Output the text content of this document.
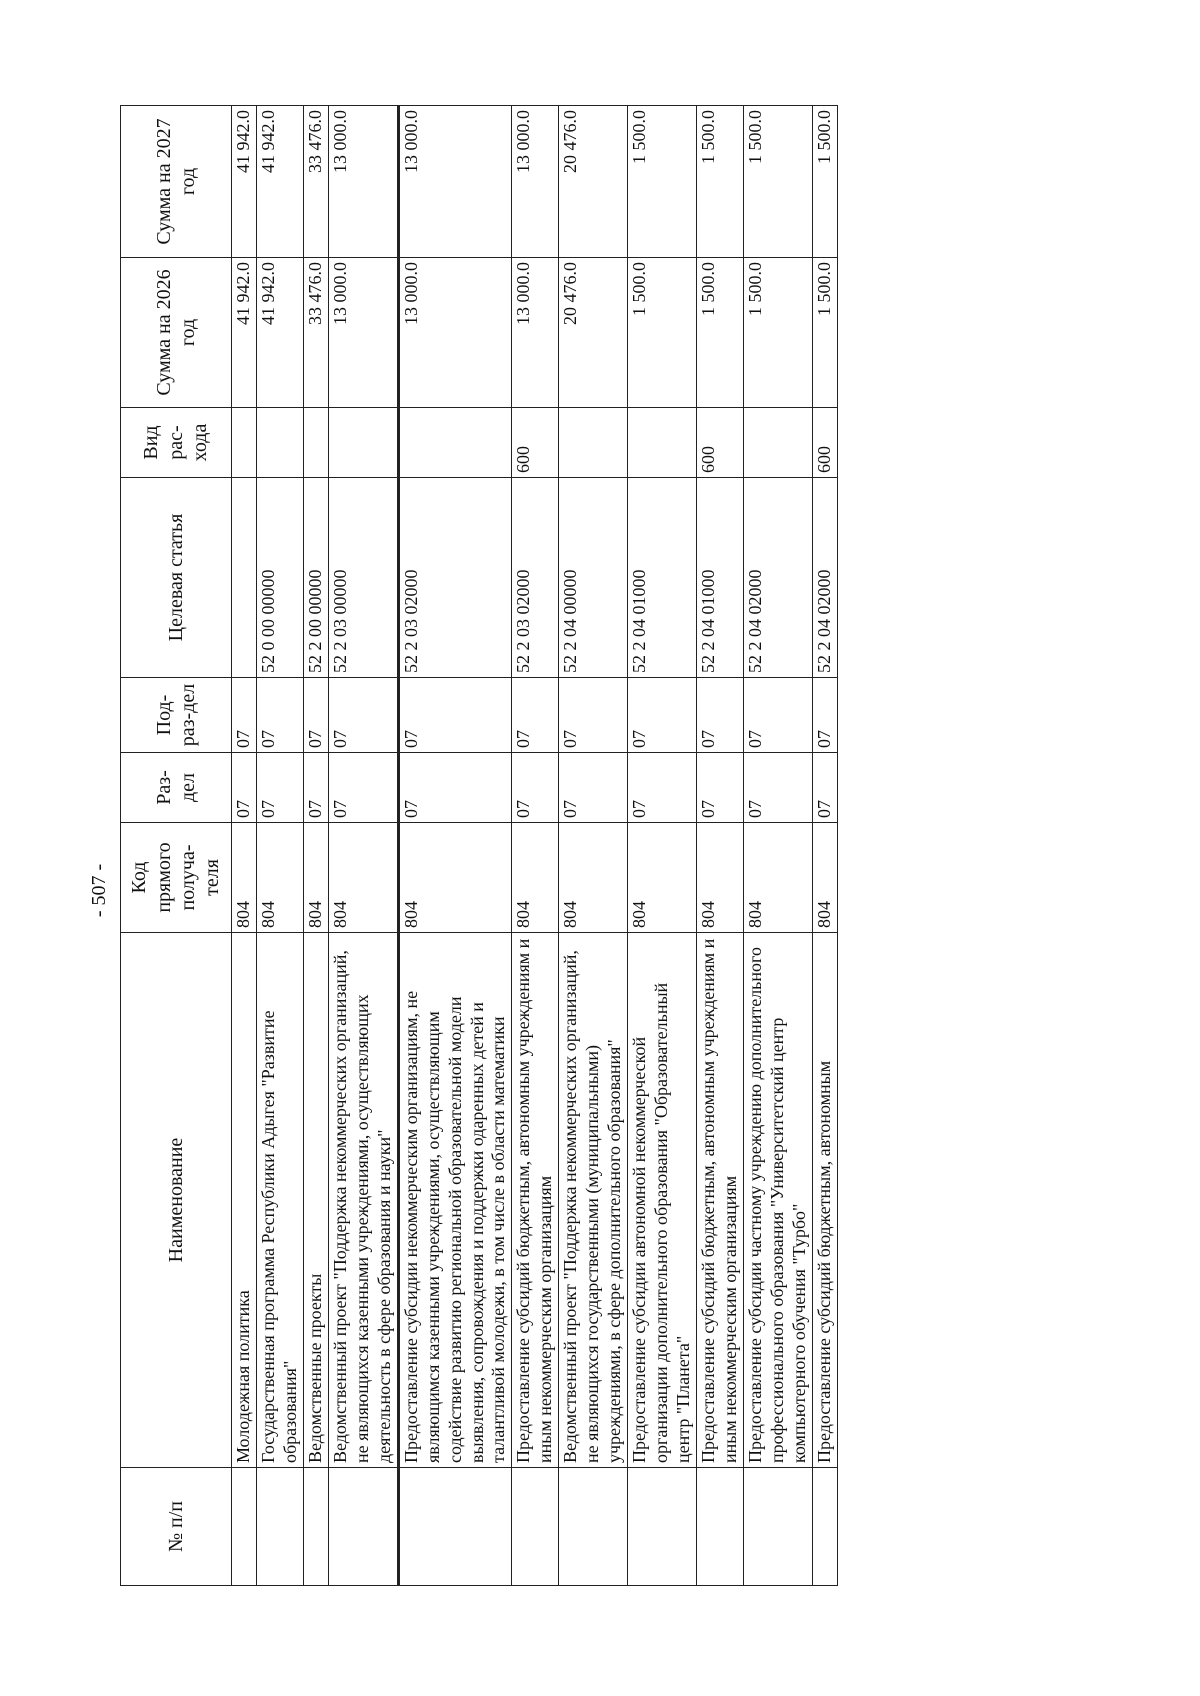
- 507 -
№ п/п	Наименование	Код прямого получа-теля	Раз-дел	Под-раз-дел	Целевая статья	Вид рас-хода	Сумма на 2026 год	Сумма на 2027 год
	Молодежная политика	804	07	07			41 942.0	41 942.0
	Государственная программа Республики Адыгея "Развитие образования"	804	07	07	52 0 00 00000		41 942.0	41 942.0
	Ведомственные проекты	804	07	07	52 2 00 00000		33 476.0	33 476.0
	Ведомственный проект "Поддержка некоммерческих организаций, не являющихся казенными учреждениями, осуществляющих деятельность в сфере образования и науки"	804	07	07	52 2 03 00000		13 000.0	13 000.0
	Предоставление субсидии некоммерческим организациям, не являющимся казенными учреждениями, осуществляющим содействие развитию региональной образовательной модели выявления, сопровождения и поддержки одаренных детей и талантливой молодежи, в том числе в области математики	804	07	07	52 2 03 02000		13 000.0	13 000.0
	Предоставление субсидий бюджетным, автономным учреждениям и иным некоммерческим организациям	804	07	07	52 2 03 02000	600	13 000.0	13 000.0
	Ведомственный проект "Поддержка некоммерческих организаций, не являющихся государственными (муниципальными) учреждениями, в сфере дополнительного образования"	804	07	07	52 2 04 00000		20 476.0	20 476.0
	Предоставление субсидии автономной некоммерческой организации дополнительного образования "Образовательный центр "Планета"	804	07	07	52 2 04 01000		1 500.0	1 500.0
	Предоставление субсидий бюджетным, автономным учреждениям и иным некоммерческим организациям	804	07	07	52 2 04 01000	600	1 500.0	1 500.0
	Предоставление субсидии частному учреждению дополнительного профессионального образования "Университетский центр компьютерного обучения "Турбо"	804	07	07	52 2 04 02000		1 500.0	1 500.0
	Предоставление субсидий бюджетным, автономным	804	07	07	52 2 04 02000	600	1 500.0	1 500.0
